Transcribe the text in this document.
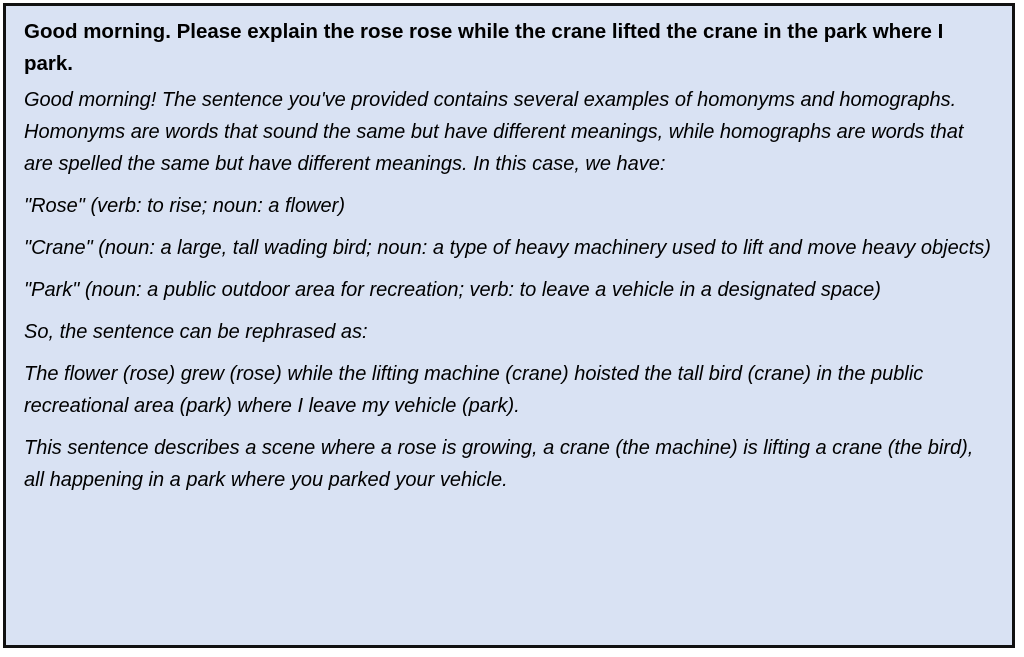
Good morning. Please explain the rose rose while the crane lifted the crane in the park where I park.

Good morning! The sentence you've provided contains several examples of homonyms and homographs. Homonyms are words that sound the same but have different meanings, while homographs are words that are spelled the same but have different meanings. In this case, we have:

"Rose" (verb: to rise; noun: a flower)

"Crane" (noun: a large, tall wading bird; noun: a type of heavy machinery used to lift and move heavy objects)

"Park" (noun: a public outdoor area for recreation; verb: to leave a vehicle in a designated space)

So, the sentence can be rephrased as:

The flower (rose) grew (rose) while the lifting machine (crane) hoisted the tall bird (crane) in the public recreational area (park) where I leave my vehicle (park).

This sentence describes a scene where a rose is growing, a crane (the machine) is lifting a crane (the bird), all happening in a park where you parked your vehicle.
